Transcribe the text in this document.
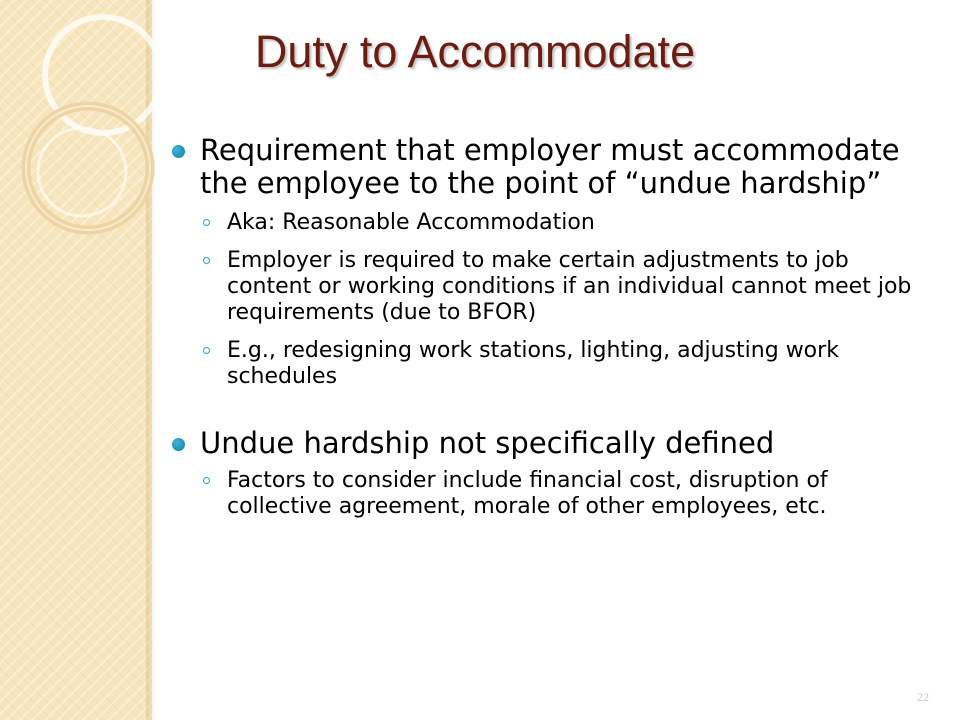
Duty to Accommodate
Requirement that employer must accommodate the employee to the point of “undue hardship”
Aka: Reasonable Accommodation
Employer is required to make certain adjustments to job content or working conditions if an individual cannot meet job requirements (due to BFOR)
E.g., redesigning work stations, lighting, adjusting work schedules
Undue hardship not specifically defined
Factors to consider include financial cost, disruption of collective agreement, morale of other employees, etc.
22
